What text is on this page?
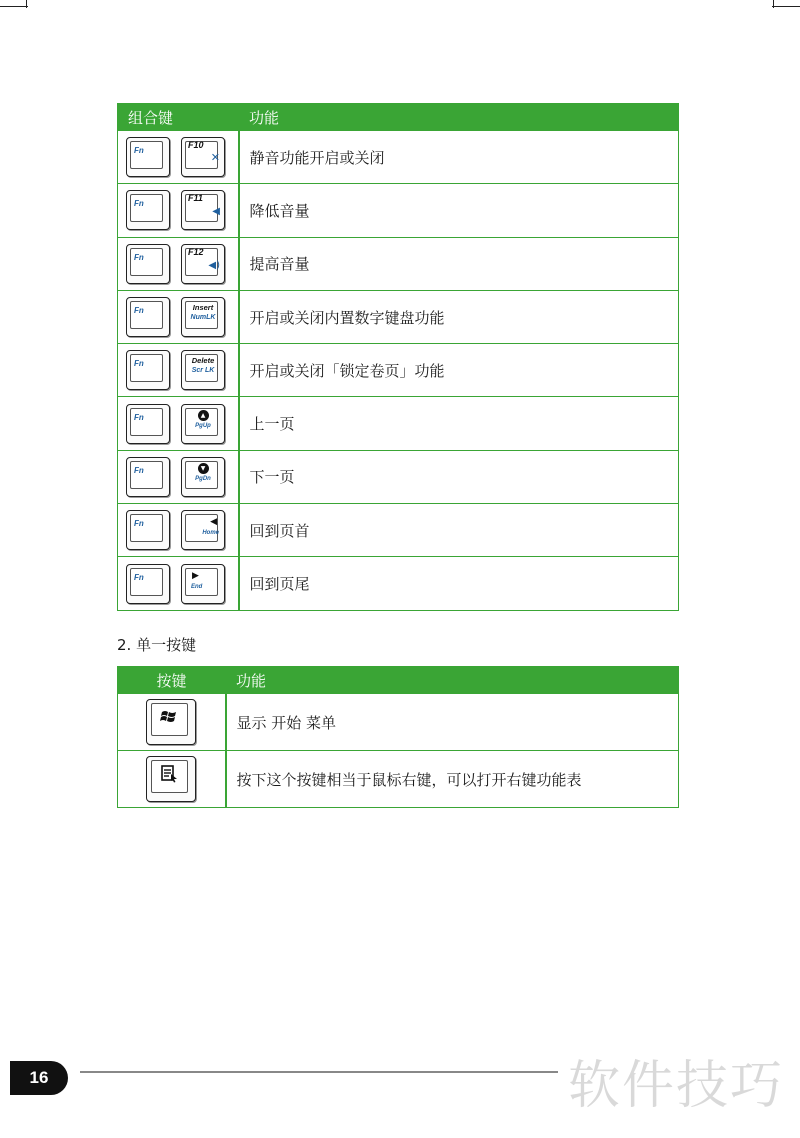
组合键	功能

Fn
F10
✕	静音功能开启或关闭

Fn
F11
◀	降低音量

Fn
F12
◀)	提高音量

Fn Insert
NumLK	开启或关闭内置数字键盘功能

Fn Delete
Scr LK	开启或关闭「锁定卷页」功能

Fn ▲
PgUp	上一页

Fn ▼
PgDn	下一页

Fn ◀
Home	回到页首

Fn ▶
End	回到页尾
2. 单一按键
按键	功能

	显示 开始 菜单

	按下这个按键相当于鼠标右键，可以打开右键功能表
16	软件技巧
